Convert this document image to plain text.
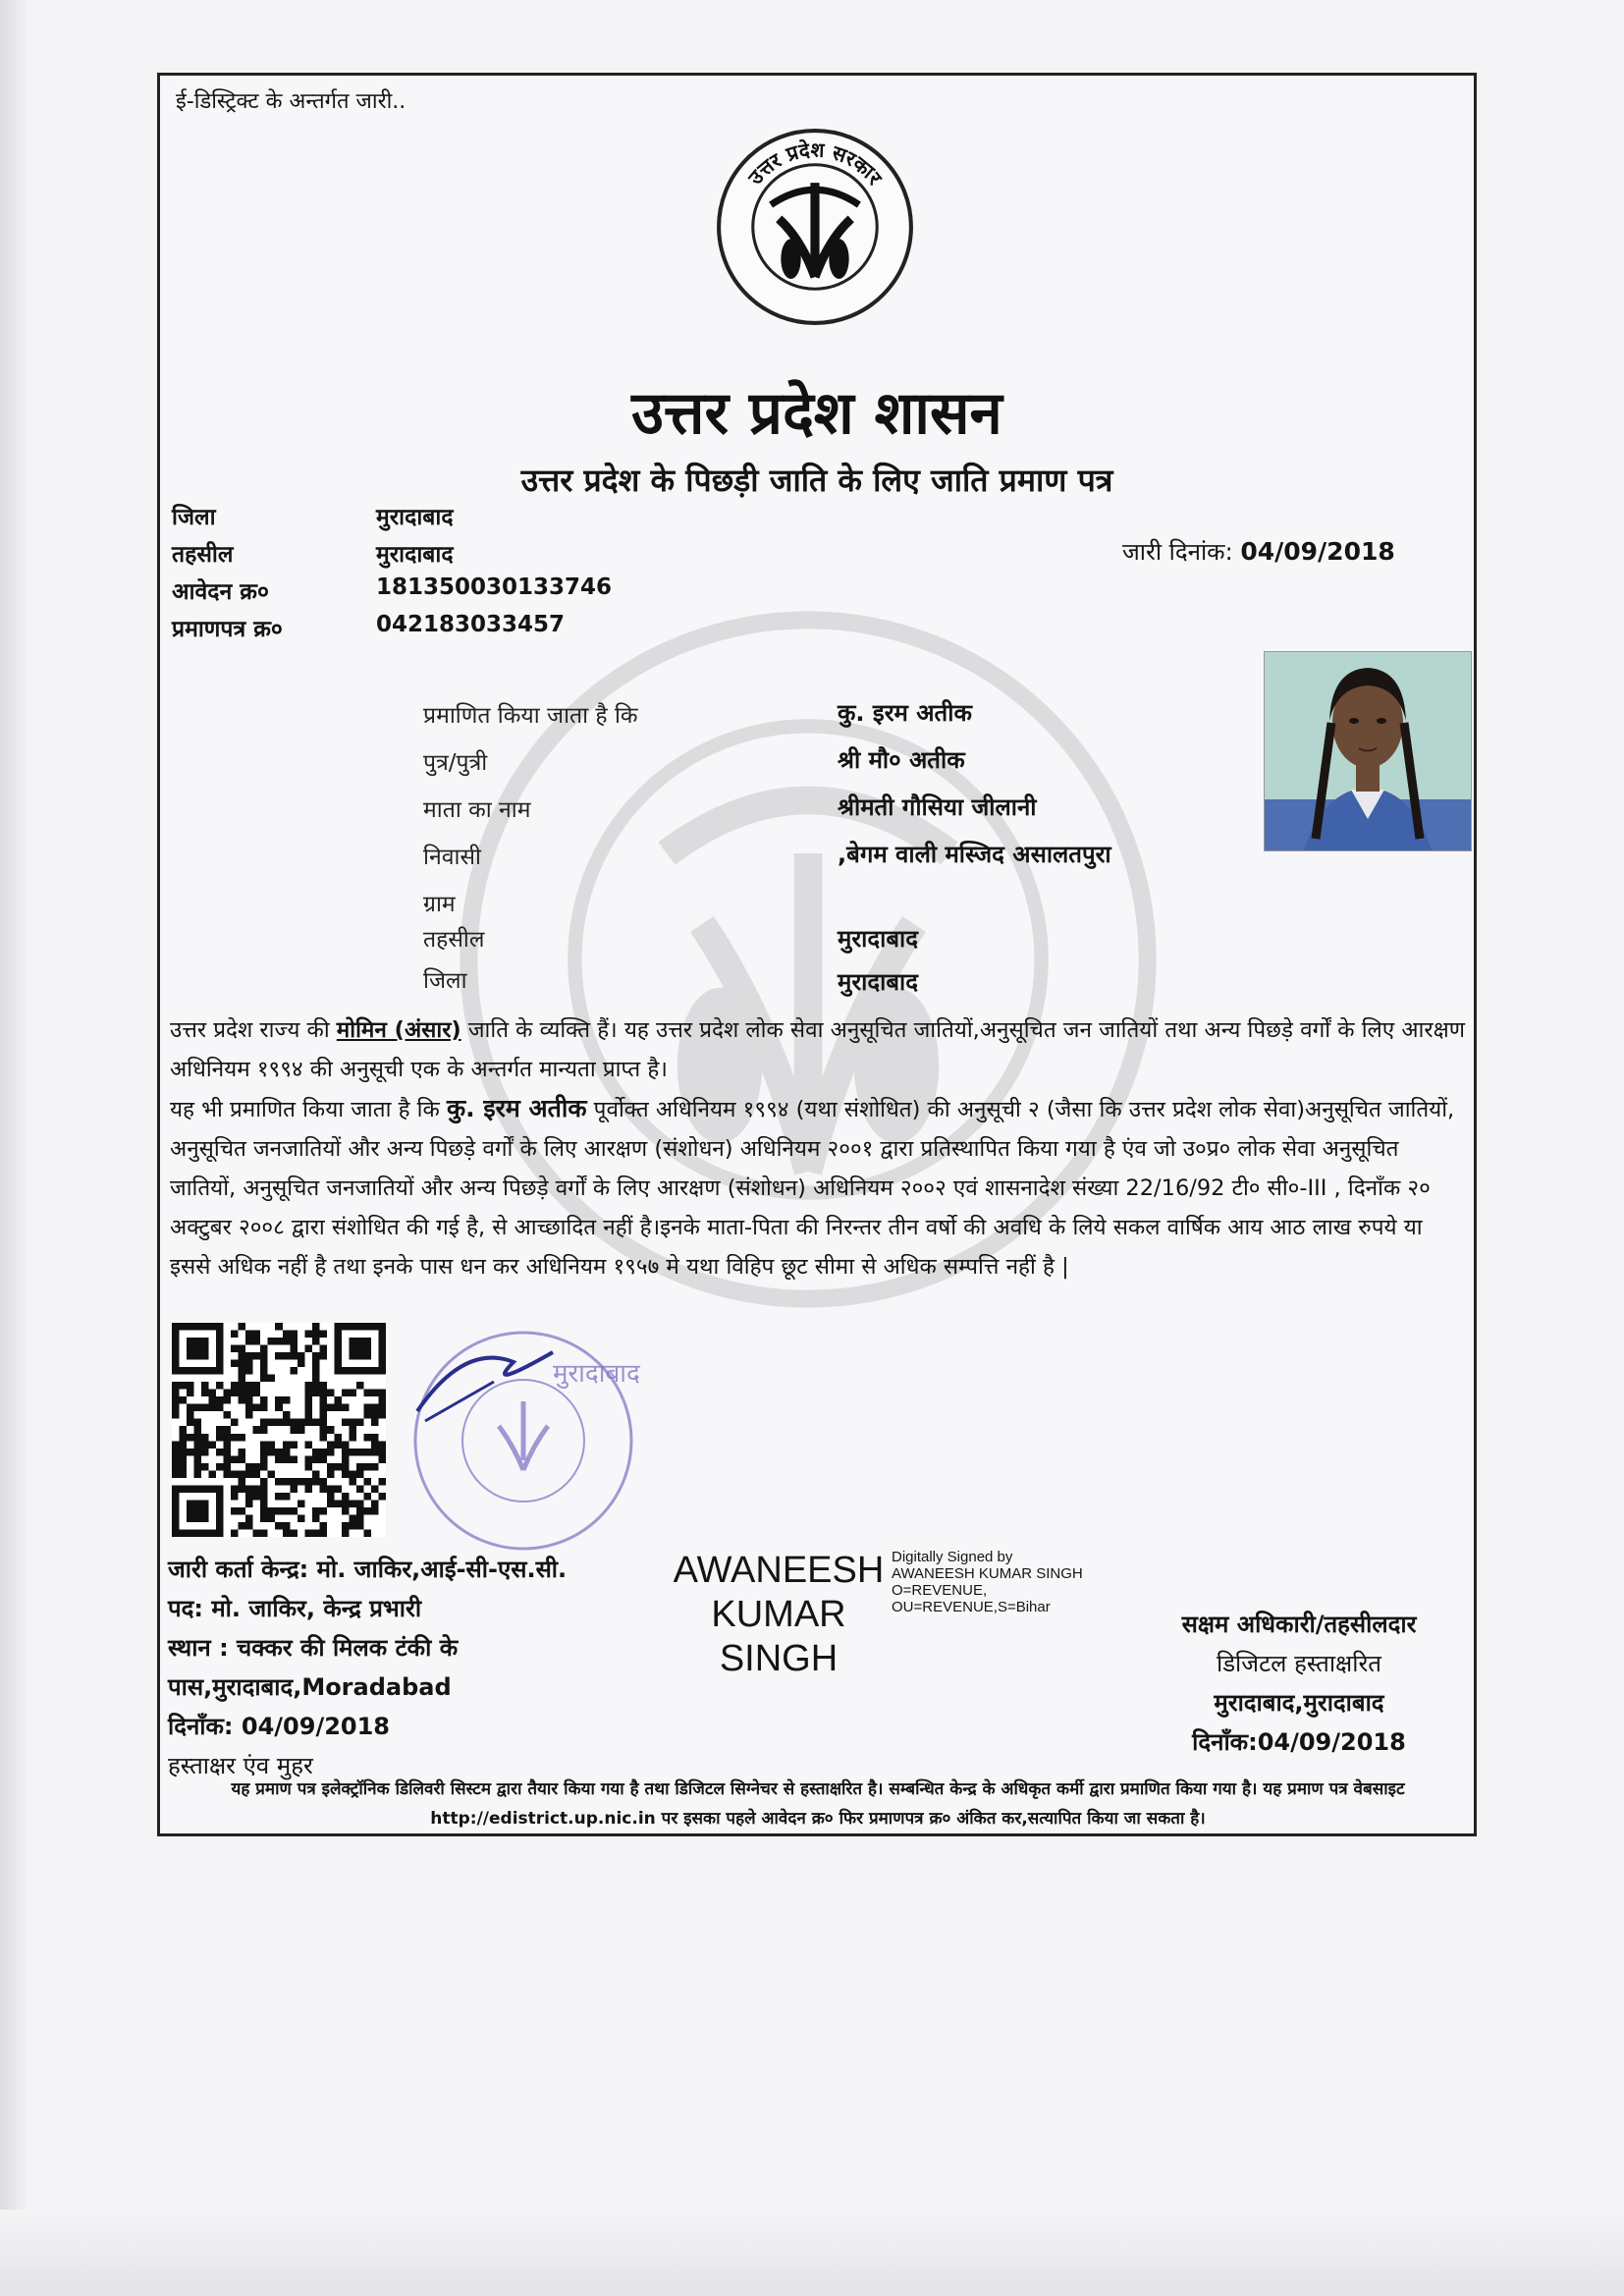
ई-डिस्ट्रिक्ट के अन्तर्गत जारी..
उत्तर प्रदेश सरकार
उत्तर प्रदेश शासन
उत्तर प्रदेश के पिछड़ी जाति के लिए जाति प्रमाण पत्र
जिला	मुरादाबाद
तहसील	मुरादाबाद
आवेदन क्र०	181350030133746
प्रमाणपत्र क्र०	042183033457
जारी दिनांक: 04/09/2018
प्रमाणित किया जाता है कि	कु. इरम अतीक
पुत्र/पुत्री	श्री मौ० अतीक
माता का नाम	श्रीमती गौसिया जीलानी
निवासी	,बेगम वाली मस्जिद असालतपुरा
ग्राम
तहसील	मुरादाबाद
जिला	मुरादाबाद
उत्तर प्रदेश राज्य की मोमिन (अंसार) जाति के व्यक्ति हैं। यह उत्तर प्रदेश लोक सेवा अनुसूचित जातियों,अनुसूचित जन जातियों तथा अन्य पिछड़े वर्गों के लिए आरक्षण अधिनियम १९९४ की अनुसूची एक के अन्तर्गत मान्यता प्राप्त है।
यह भी प्रमाणित किया जाता है कि कु. इरम अतीक पूर्वोक्त अधिनियम १९९४ (यथा संशोधित) की अनुसूची २ (जैसा कि उत्तर प्रदेश लोक सेवा)अनुसूचित जातियों, अनुसूचित जनजातियों और अन्य पिछड़े वर्गों के लिए आरक्षण (संशोधन) अधिनियम २००१ द्वारा प्रतिस्थापित किया गया है एंव जो उ०प्र० लोक सेवा अनुसूचित जातियों, अनुसूचित जनजातियों और अन्य पिछड़े वर्गों के लिए आरक्षण (संशोधन) अधिनियम २००२ एवं शासनादेश संख्या 22/16/92 टी० सी०-III , दिनाँक २० अक्टुबर २००८ द्वारा संशोधित की गई है, से आच्छादित नहीं है।इनके माता-पिता की निरन्तर तीन वर्षो की अवधि के लिये सकल वार्षिक आय आठ लाख रुपये या इससे अधिक नहीं है तथा इनके पास धन कर अधिनियम १९५७ मे यथा विहिप छूट सीमा से अधिक सम्पत्ति नहीं है |
मुरादाबाद
जारी कर्ता केन्द्र: मो. जाकिर,आई-सी-एस.सी.
पद: मो. जाकिर, केन्द्र प्रभारी
स्थान : चक्कर की मिलक टंकी के
पास,मुरादाबाद,Moradabad
दिनाँक: 04/09/2018
हस्ताक्षर एंव मुहर
AWANEESH KUMAR SINGH
Digitally Signed by AWANEESH KUMAR SINGH O=REVENUE, OU=REVENUE,S=Bihar
सक्षम अधिकारी/तहसीलदार
डिजिटल हस्ताक्षरित
मुरादाबाद,मुरादाबाद
दिनाँक:04/09/2018
यह प्रमाण पत्र इलेक्ट्रॉनिक डिलिवरी सिस्टम द्वारा तैयार किया गया है तथा डिजिटल सिग्नेचर से हस्ताक्षरित है। सम्बन्धित केन्द्र के अधिकृत कर्मी द्वारा प्रमाणित किया गया है। यह प्रमाण पत्र वेबसाइट http://edistrict.up.nic.in पर इसका पहले आवेदन क्र० फिर प्रमाणपत्र क्र० अंकित कर,सत्यापित किया जा सकता है।
